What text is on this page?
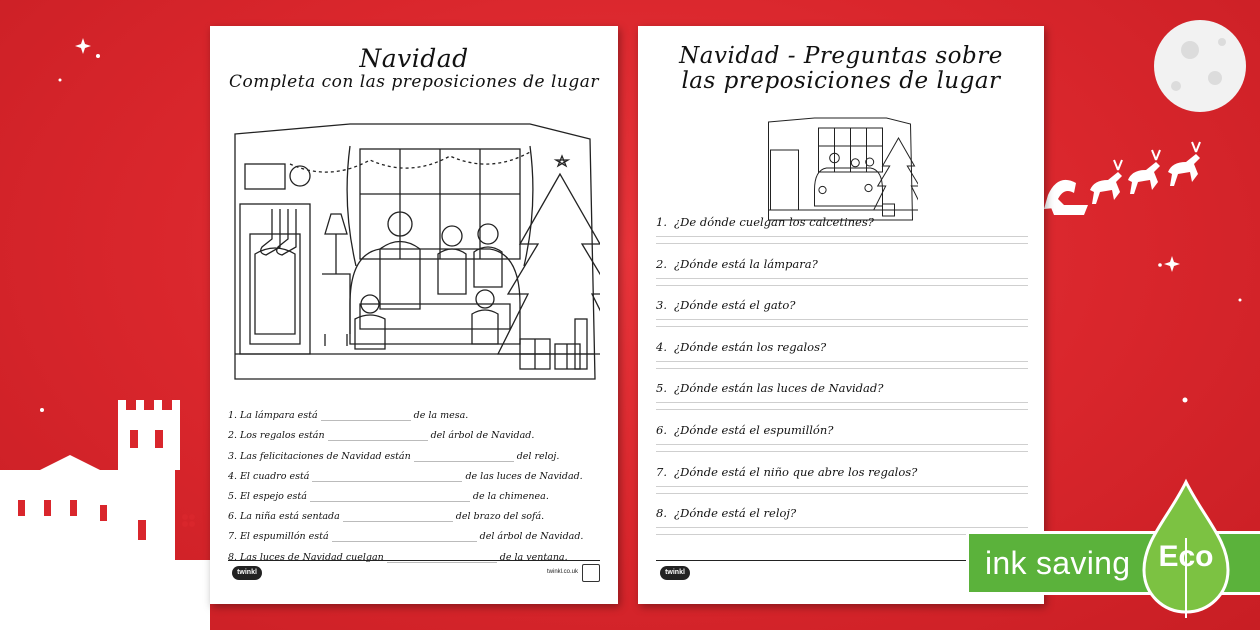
Navidad
Completa con las preposiciones de lugar
1. La lámpara está	de la mesa.
2. Los regalos están	del árbol de Navidad.
3. Las felicitaciones de Navidad están	del reloj.
4. El cuadro está	de las luces de Navidad.
5. El espejo está	de la chimenea.
6. La niña está sentada	del brazo del sofá.
7. El espumillón está	del árbol de Navidad.
8. Las luces de Navidad cuelgan	de la ventana.
twinkl	twinkl.co.uk
Navidad - Preguntas sobre
las preposiciones de lugar
1. ¿De dónde cuelgan los calcetines?
2. ¿Dónde está la lámpara?
3. ¿Dónde está el gato?
4. ¿Dónde están los regalos?
5. ¿Dónde están las luces de Navidad?
6. ¿Dónde está el espumillón?
7. ¿Dónde está el niño que abre los regalos?
8. ¿Dónde está el reloj?
twinkl	ink saving Eco
